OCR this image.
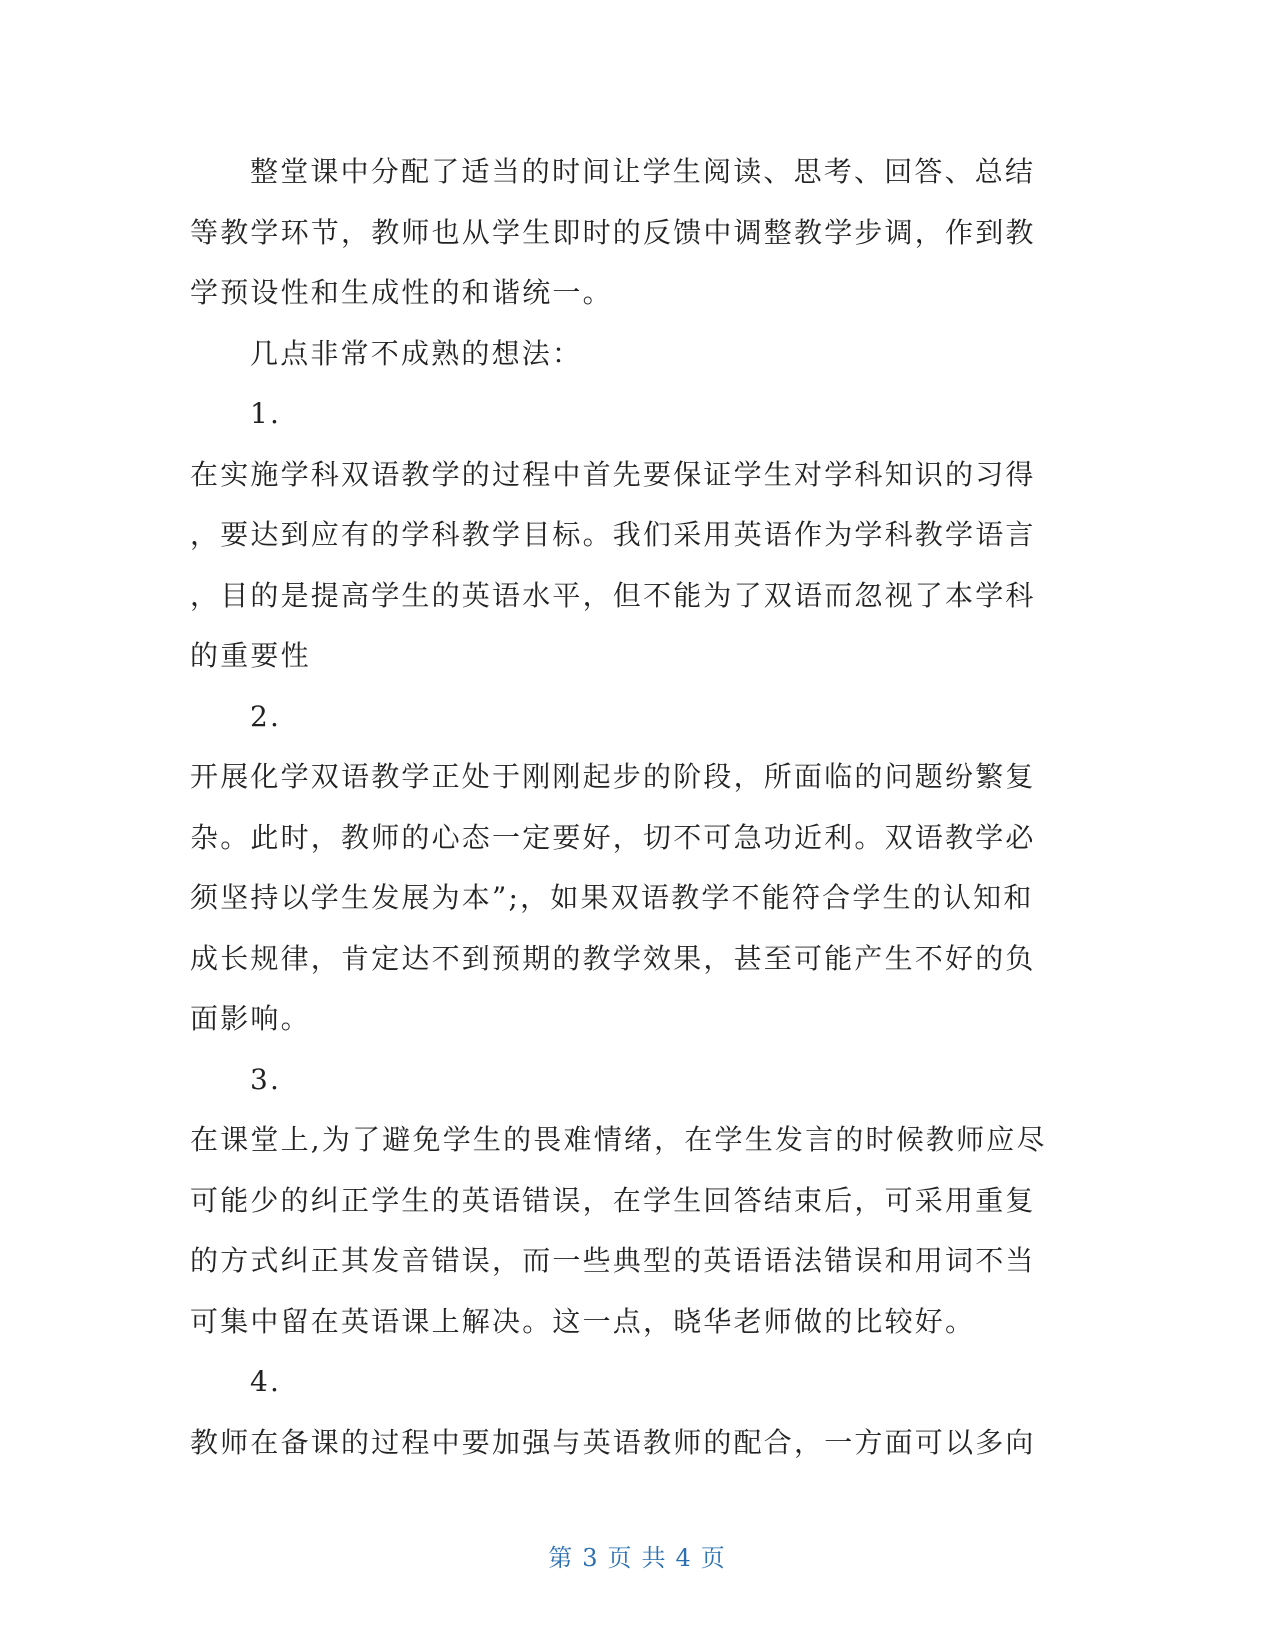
整堂课中分配了适当的时间让学生阅读、思考、回答、总结
等教学环节，教师也从学生即时的反馈中调整教学步调，作到教
学预设性和生成性的和谐统一。
几点非常不成熟的想法：
1.
在实施学科双语教学的过程中首先要保证学生对学科知识的习得
，要达到应有的学科教学目标。我们采用英语作为学科教学语言
，目的是提高学生的英语水平，但不能为了双语而忽视了本学科
的重要性
2.
开展化学双语教学正处于刚刚起步的阶段，所面临的问题纷繁复
杂。此时，教师的心态一定要好，切不可急功近利。双语教学必
须坚持以学生发展为本”;，如果双语教学不能符合学生的认知和
成长规律，肯定达不到预期的教学效果，甚至可能产生不好的负
面影响。
3.
在课堂上,为了避免学生的畏难情绪，在学生发言的时候教师应尽
可能少的纠正学生的英语错误，在学生回答结束后，可采用重复
的方式纠正其发音错误，而一些典型的英语语法错误和用词不当
可集中留在英语课上解决。这一点，晓华老师做的比较好。
4.
教师在备课的过程中要加强与英语教师的配合，一方面可以多向
第 3 页 共 4 页
